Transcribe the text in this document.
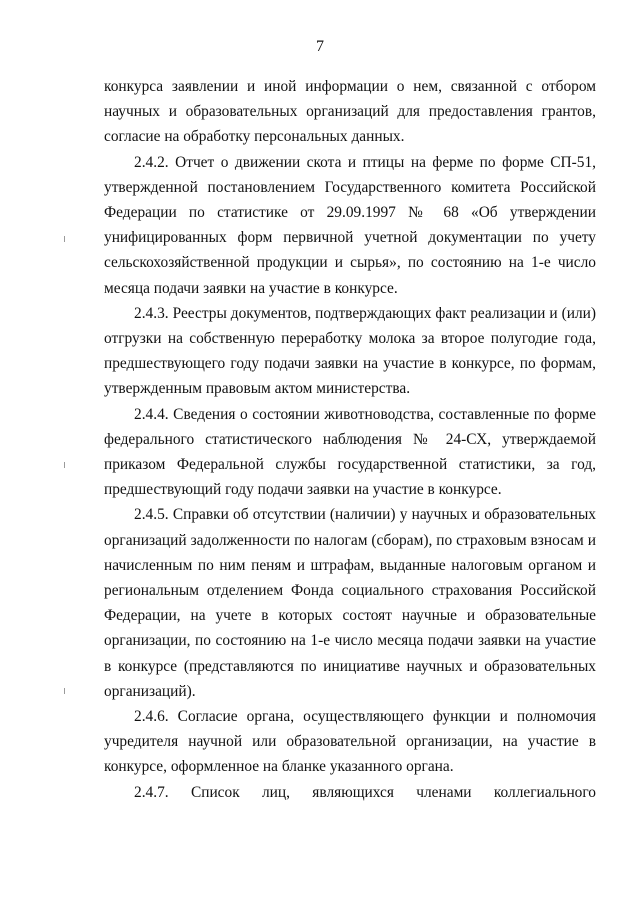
7

конкурса заявлении и иной информации о нем, связанной с отбором научных и образовательных организаций для предоставления грантов, согласие на обработку персональных данных.

2.4.2. Отчет о движении скота и птицы на ферме по форме СП-51, утвержденной постановлением Государственного комитета Российской Федерации по статистике от 29.09.1997 № 68 «Об утверждении унифицированных форм первичной учетной документации по учету сельскохозяйственной продукции и сырья», по состоянию на 1-е число месяца подачи заявки на участие в конкурсе.

2.4.3. Реестры документов, подтверждающих факт реализации и (или) отгрузки на собственную переработку молока за второе полугодие года, предшествующего году подачи заявки на участие в конкурсе, по формам, утвержденным правовым актом министерства.

2.4.4. Сведения о состоянии животноводства, составленные по форме федерального статистического наблюдения № 24-СХ, утверждаемой приказом Федеральной службы государственной статистики, за год, предшествующий году подачи заявки на участие в конкурсе.

2.4.5. Справки об отсутствии (наличии) у научных и образовательных организаций задолженности по налогам (сборам), по страховым взносам и начисленным по ним пеням и штрафам, выданные налоговым органом и региональным отделением Фонда социального страхования Российской Федерации, на учете в которых состоят научные и образовательные организации, по состоянию на 1-е число месяца подачи заявки на участие в конкурсе (представляются по инициативе научных и образовательных организаций).

2.4.6. Согласие органа, осуществляющего функции и полномочия учредителя научной или образовательной организации, на участие в конкурсе, оформленное на бланке указанного органа.

2.4.7. Список лиц, являющихся членами коллегиального
